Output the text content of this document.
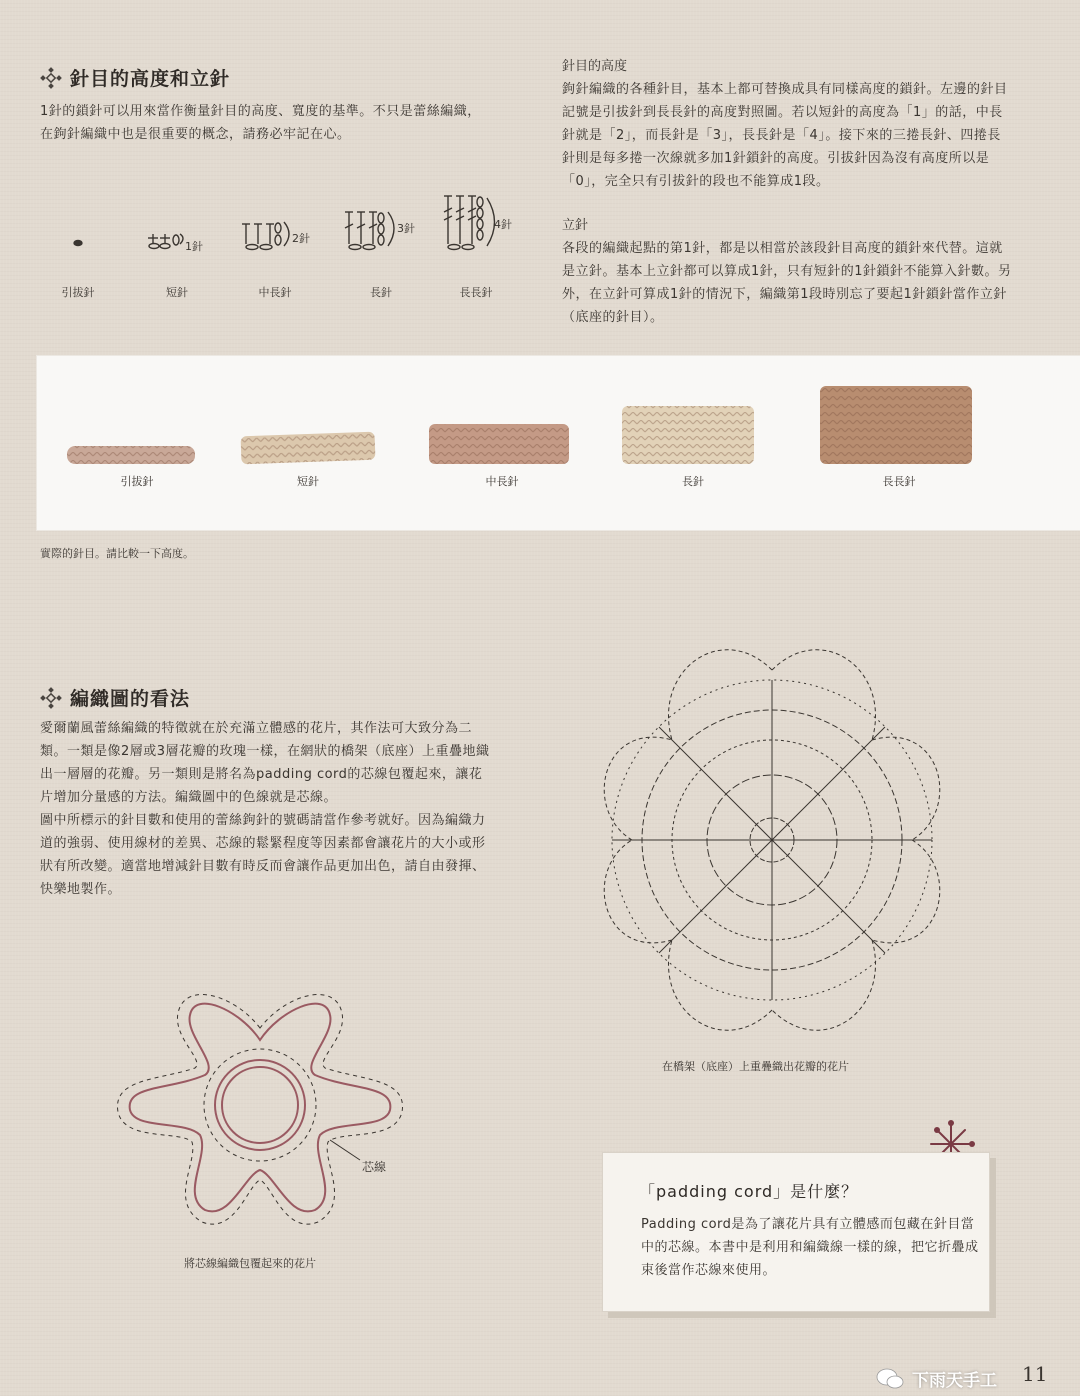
針目的高度和立針

1針的鎖針可以用來當作衡量針目的高度、寬度的基準。不只是蕾絲編織，在鉤針編織中也是很重要的概念，請務必牢記在心。

1針
2針
3針	4針
引拔針	短針	中長針	長針	長長針
針目的高度

鉤針編織的各種針目，基本上都可替換成具有同樣高度的鎖針。左邊的針目記號是引拔針到長長針的高度對照圖。若以短針的高度為「1」的話，中長針就是「2」，而長針是「3」，長長針是「4」。接下來的三捲長針、四捲長針則是每多捲一次線就多加1針鎖針的高度。引拔針因為沒有高度所以是「0」，完全只有引拔針的段也不能算成1段。

立針

各段的編織起點的第1針，都是以相當於該段針目高度的鎖針來代替。這就是立針。基本上立針都可以算成1針，只有短針的1針鎖針不能算入針數。另外，在立針可算成1針的情況下，編織第1段時別忘了要起1針鎖針當作立針（底座的針目）。

引拔針	短針	中長針	長針	長長針
實際的針目。請比較一下高度。
編織圖的看法

愛爾蘭風蕾絲編織的特徵就在於充滿立體感的花片，其作法可大致分為二類。一類是像2層或3層花瓣的玫瑰一樣，在網狀的橋架（底座）上重疊地織出一層層的花瓣。另一類則是將名為padding cord的芯線包覆起來，讓花片增加分量感的方法。編織圖中的色線就是芯線。

圖中所標示的針目數和使用的蕾絲鉤針的號碼請當作參考就好。因為編織力道的強弱、使用線材的差異、芯線的鬆緊程度等因素都會讓花片的大小或形狀有所改變。適當地增減針目數有時反而會讓作品更加出色，請自由發揮、快樂地製作。

在橋架（底座）上重疊織出花瓣的花片
芯線
將芯線編織包覆起來的花片
「padding cord」是什麼？

Padding cord是為了讓花片具有立體感而包藏在針目當中的芯線。本書中是利用和編織線一樣的線，把它折疊成束後當作芯線來使用。

下雨天手工 11
